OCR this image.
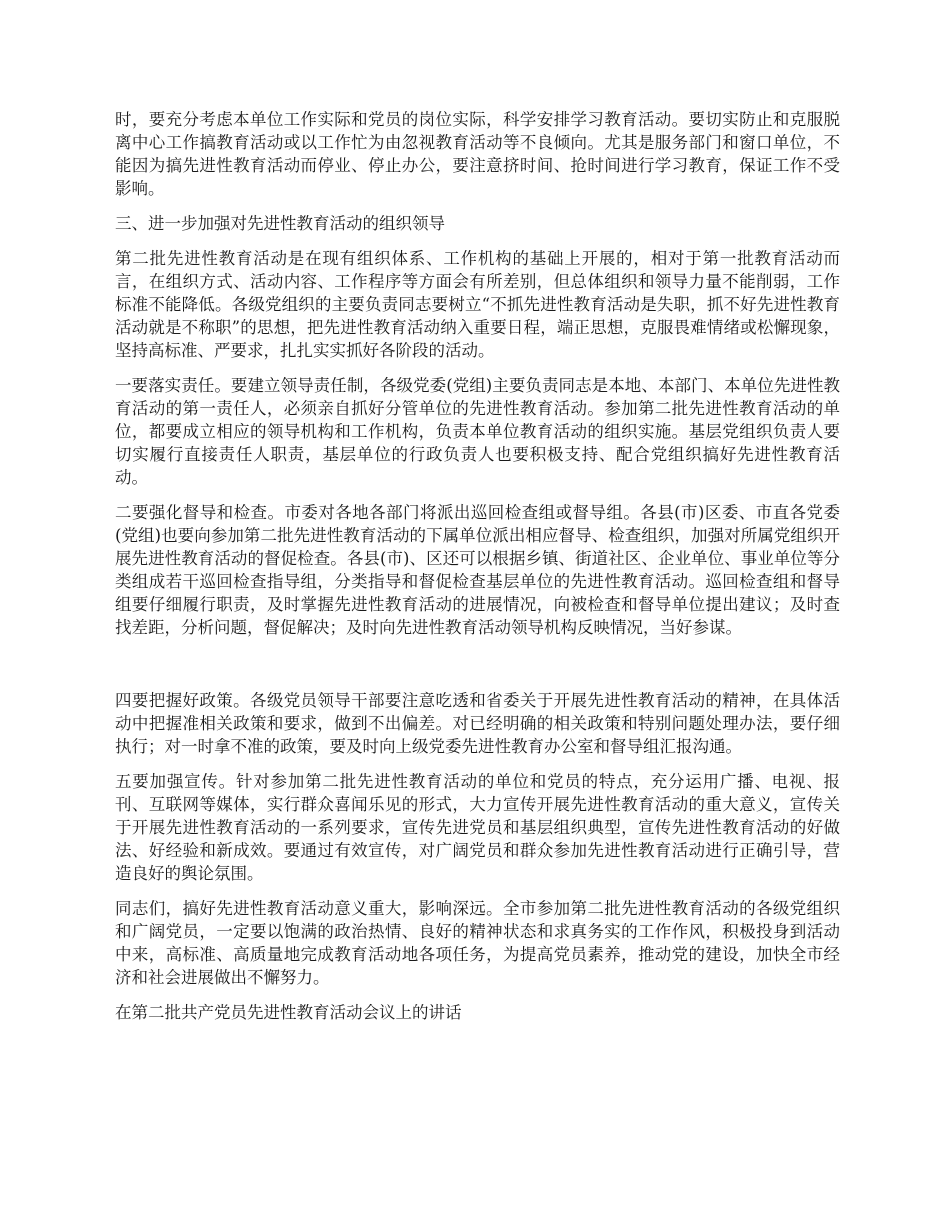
时，要充分考虑本单位工作实际和党员的岗位实际，科学安排学习教育活动。要切实防止和克服脱离中心工作搞教育活动或以工作忙为由忽视教育活动等不良倾向。尤其是服务部门和窗口单位，不能因为搞先进性教育活动而停业、停止办公，要注意挤时间、抢时间进行学习教育，保证工作不受影响。

三、进一步加强对先进性教育活动的组织领导

第二批先进性教育活动是在现有组织体系、工作机构的基础上开展的，相对于第一批教育活动而言，在组织方式、活动内容、工作程序等方面会有所差别，但总体组织和领导力量不能削弱，工作标准不能降低。各级党组织的主要负责同志要树立“不抓先进性教育活动是失职，抓不好先进性教育活动就是不称职”的思想，把先进性教育活动纳入重要日程，端正思想，克服畏难情绪或松懈现象，坚持高标准、严要求，扎扎实实抓好各阶段的活动。

一要落实责任。要建立领导责任制，各级党委(党组)主要负责同志是本地、本部门、本单位先进性教育活动的第一责任人，必须亲自抓好分管单位的先进性教育活动。参加第二批先进性教育活动的单位，都要成立相应的领导机构和工作机构，负责本单位教育活动的组织实施。基层党组织负责人要切实履行直接责任人职责，基层单位的行政负责人也要积极支持、配合党组织搞好先进性教育活动。

二要强化督导和检查。市委对各地各部门将派出巡回检查组或督导组。各县(市)区委、市直各党委(党组)也要向参加第二批先进性教育活动的下属单位派出相应督导、检查组织，加强对所属党组织开展先进性教育活动的督促检查。各县(市)、区还可以根据乡镇、街道社区、企业单位、事业单位等分类组成若干巡回检查指导组，分类指导和督促检查基层单位的先进性教育活动。巡回检查组和督导组要仔细履行职责，及时掌握先进性教育活动的进展情况，向被检查和督导单位提出建议；及时查找差距，分析问题，督促解决；及时向先进性教育活动领导机构反映情况，当好参谋。

四要把握好政策。各级党员领导干部要注意吃透和省委关于开展先进性教育活动的精神，在具体活动中把握准相关政策和要求，做到不出偏差。对已经明确的相关政策和特别问题处理办法，要仔细执行；对一时拿不准的政策，要及时向上级党委先进性教育办公室和督导组汇报沟通。

五要加强宣传。针对参加第二批先进性教育活动的单位和党员的特点，充分运用广播、电视、报刊、互联网等媒体，实行群众喜闻乐见的形式，大力宣传开展先进性教育活动的重大意义，宣传关于开展先进性教育活动的一系列要求，宣传先进党员和基层组织典型，宣传先进性教育活动的好做法、好经验和新成效。要通过有效宣传，对广阔党员和群众参加先进性教育活动进行正确引导，营造良好的舆论氛围。

同志们，搞好先进性教育活动意义重大，影响深远。全市参加第二批先进性教育活动的各级党组织和广阔党员，一定要以饱满的政治热情、良好的精神状态和求真务实的工作作风，积极投身到活动中来，高标准、高质量地完成教育活动地各项任务，为提高党员素养，推动党的建设，加快全市经济和社会进展做出不懈努力。

在第二批共产党员先进性教育活动会议上的讲话
